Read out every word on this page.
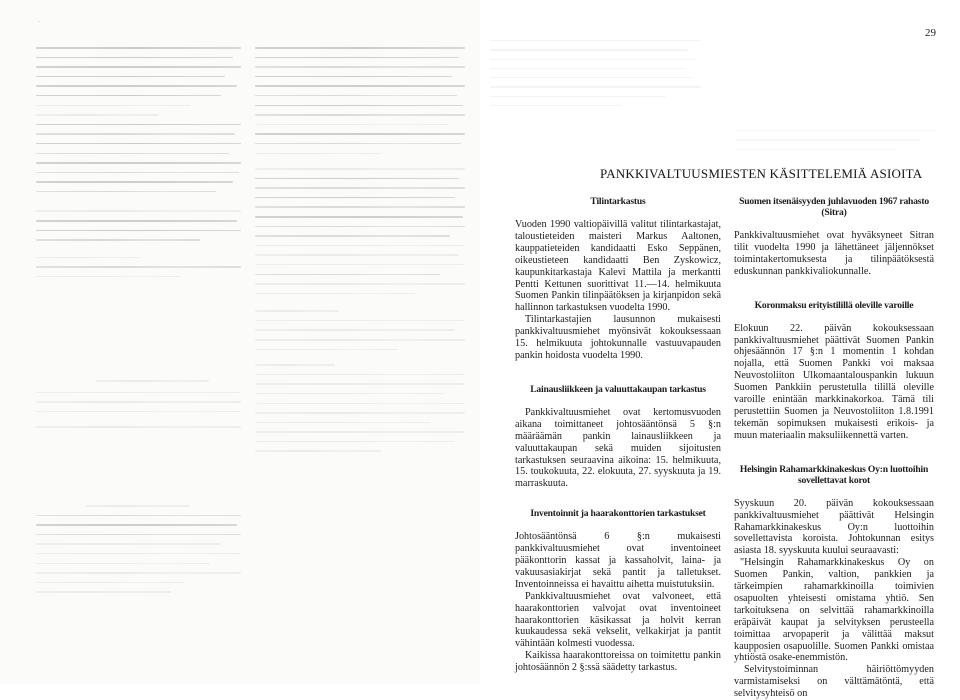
·
29
PANKKIVALTUUSMIESTEN KÄSITTELEMIÄ ASIOITA
Tilintarkastus

Vuoden 1990 valtiopäivillä valitut tilintarkastajat, taloustieteiden maisteri Markus Aaltonen, kauppatieteiden kandidaatti Esko Seppänen, oikeustieteen kandidaatti Ben Zyskowicz, kaupunkitarkastaja Kalevi Mattila ja merkantti Pentti Kettunen suorittivat 11.—14. helmikuuta Suomen Pankin tilinpäätöksen ja kirjanpidon sekä hallinnon tarkastuksen vuodelta 1990.

Tilintarkastajien lausunnon mukaisesti pankkivaltuusmiehet myönsivät kokouksessaan 15. helmikuuta johtokunnalle vastuuvapauden pankin hoidosta vuodelta 1990.

Lainausliikkeen ja valuuttakaupan tarkastus

Pankkivaltuusmiehet ovat kertomusvuoden aikana toimittaneet johtosääntönsä 5 §:n määräämän pankin lainausliikkeen ja valuuttakaupan sekä muiden sijoitusten tarkastuksen seuraavina aikoina: 15. helmikuuta, 15. toukokuuta, 22. elokuuta, 27. syyskuuta ja 19. marraskuuta.

Inventoinnit ja haarakonttorien tarkastukset

Johtosääntönsä 6 §:n mukaisesti pankkivaltuusmiehet ovat inventoineet pääkonttorin kassat ja kassaholvit, laina- ja vakuusasiakirjat sekä pantit ja talletukset. Inventoinneissa ei havaittu aihetta muistutuksiin.

Pankkivaltuusmiehet ovat valvoneet, että haarakonttorien valvojat ovat inventoineet haarakonttorien käsikassat ja holvit kerran kuukaudessa sekä vekselit, velkakirjat ja pantit vähintään kolmesti vuodessa.

Kaikissa haarakonttoreissa on toimitettu pankin johtosäännön 2 §:ssä säädetty tarkastus.

Suomen itsenäisyyden juhlavuoden 1967 rahasto (Sitra)

Pankkivaltuusmiehet ovat hyväksyneet Sitran tilit vuodelta 1990 ja lähettäneet jäljennökset toimintakertomuksesta ja tilinpäätöksestä eduskunnan pankkivaliokunnalle.

Koronmaksu erityistilillä oleville varoille

Elokuun 22. päivän kokouksessaan pankkivaltuusmiehet päättivät Suomen Pankin ohjesäännön 17 §:n 1 momentin 1 kohdan nojalla, että Suomen Pankki voi maksaa Neuvostoliiton Ulkomaantalouspankin lukuun Suomen Pankkiin perustetulla tilillä oleville varoille enintään markkinakorkoa. Tämä tili perustettiin Suomen ja Neuvostoliiton 1.8.1991 tekemän sopimuksen mukaisesti erikois- ja muun materiaalin maksuliikennettä varten.

Helsingin Rahamarkkinakeskus Oy:n luottoihin sovellettavat korot

Syyskuun 20. päivän kokouksessaan pankkivaltuusmiehet päättivät Helsingin Rahamarkkinakeskus Oy:n luottoihin sovellettavista koroista. Johtokunnan esitys asiasta 18. syyskuuta kuului seuraavasti:

"Helsingin Rahamarkkinakeskus Oy on Suomen Pankin, valtion, pankkien ja tärkeimpien rahamarkkinoilla toimivien osapuolten yhteisesti omistama yhtiö. Sen tarkoituksena on selvittää rahamarkkinoilla eräpäivät kaupat ja selvityksen perusteella toimittaa arvopaperit ja välittää maksut kaupposien osapuolille. Suomen Pankki omistaa yhtiöstä osake-enemmistön.

Selvitystoiminnan häiriöttömyyden varmistamiseksi on välttämätöntä, että selvitysyhteisö on
